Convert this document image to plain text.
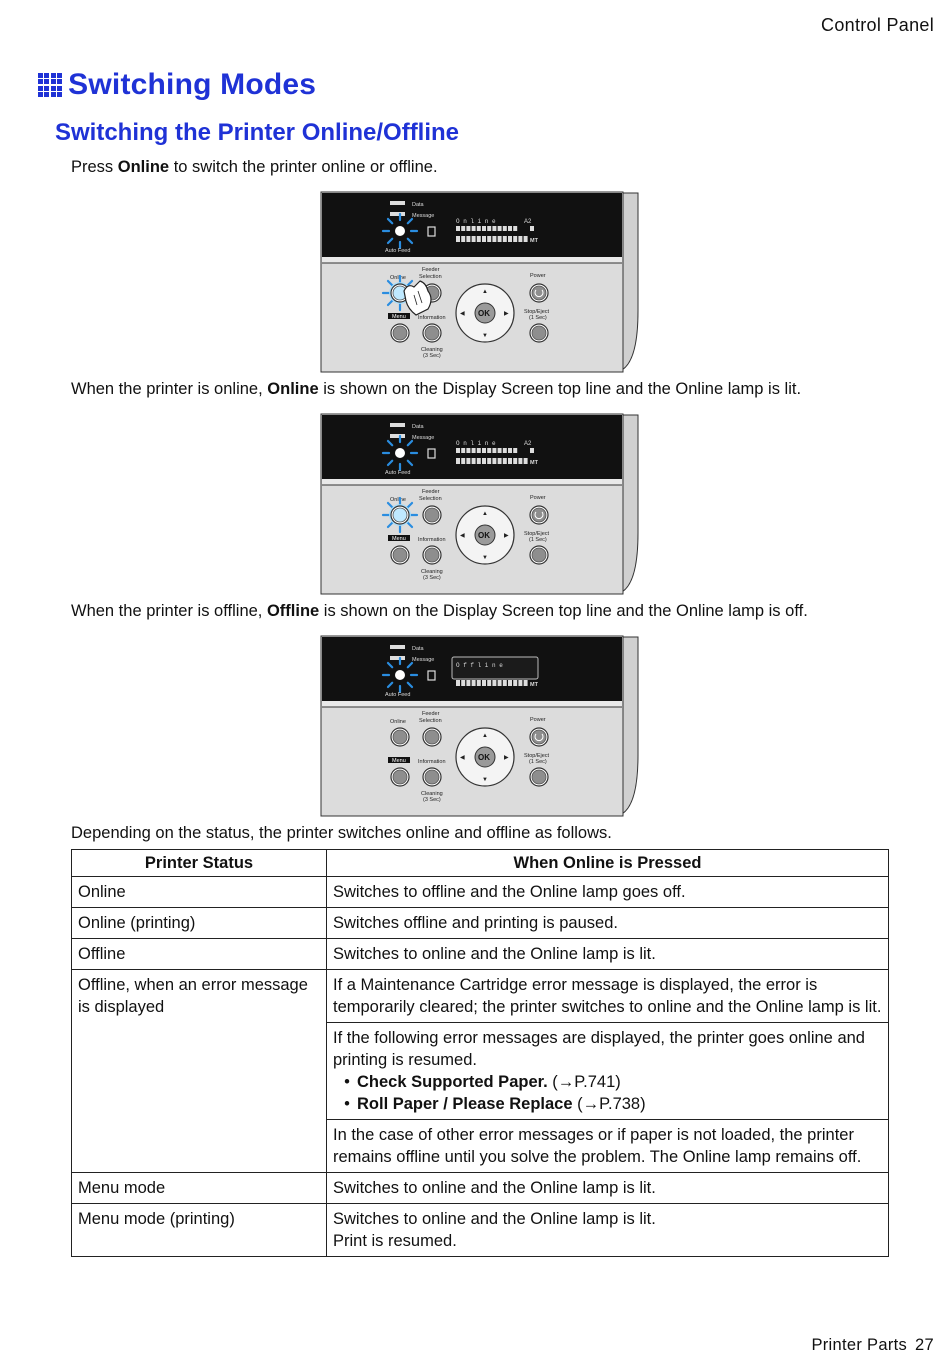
Control Panel
Switching Modes
Switching the Printer Online/Offline
Press Online to switch the printer online or offline.
Data
Message
Auto Feed
O n l i n e	A2
MT
Online
Feeder
Selection	Power
Menu Information
Cleaning
(3 Sec)
OK
▲
▼
◀	▶	Stop/Eject
(1 Sec)
When the printer is online, Online is shown on the Display Screen top line and the Online lamp is lit.
Data
Message
Auto Feed
O n l i n e	A2
MT
Online
Feeder
Selection	Power
Menu Information
Cleaning
(3 Sec)
OK
▲
▼
◀	▶	Stop/Eject
(1 Sec)
When the printer is offline, Offline is shown on the Display Screen top line and the Online lamp is off.
Data
Message
Auto Feed
O f f l i n e
MT
Online
Feeder
Selection	Power
Menu Information
Cleaning
(3 Sec)
OK
▲
▼
◀	▶	Stop/Eject
(1 Sec)
Depending on the status, the printer switches online and offline as follows.
Printer Status	When Online is Pressed
Online	Switches to offline and the Online lamp goes off.
Online (printing)	Switches offline and printing is paused.
Offline	Switches to online and the Online lamp is lit.
Offline, when an error message is displayed	If a Maintenance Cartridge error message is displayed, the error is temporarily cleared; the printer switches to online and the Online lamp is lit.

	If the following error messages are displayed, the printer goes online and printing is resumed.
• Check Supported Paper. (→P.741)
• Roll Paper / Please Replace (→P.738)

	In the case of other error messages or if paper is not loaded, the printer remains offline until you solve the problem. The Online lamp remains off.
Menu mode	Switches to online and the Online lamp is lit.
Menu mode (printing)	Switches to online and the Online lamp is lit.
Print is resumed.
Printer Parts 27
